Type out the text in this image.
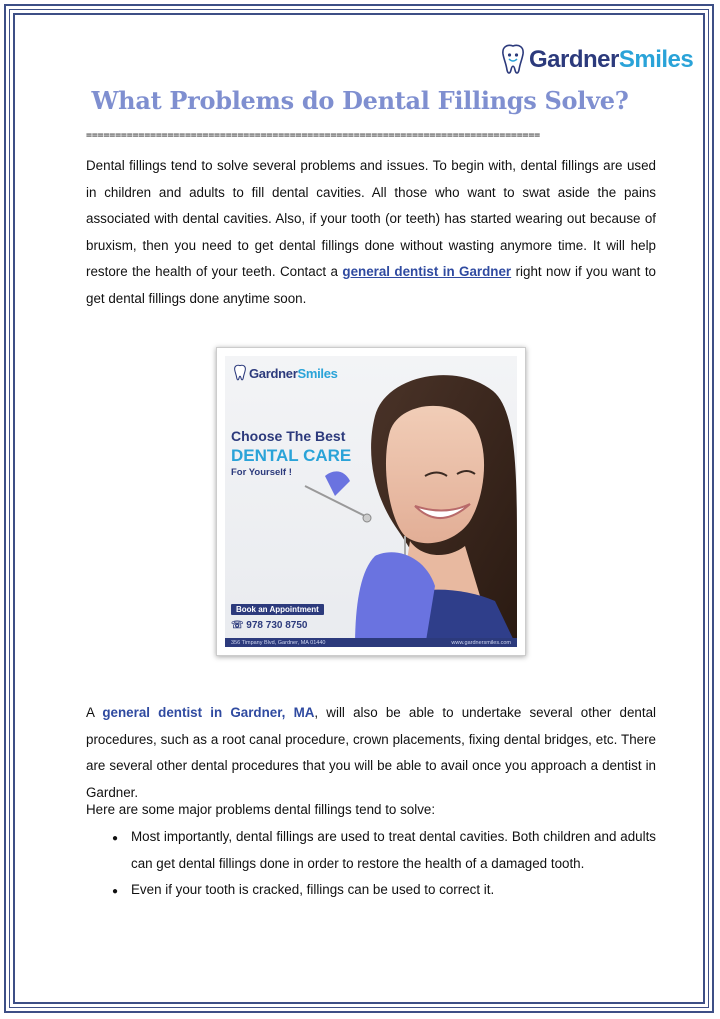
GardnerSmiles
What Problems do Dental Fillings Solve?
==============================================================================

Dental fillings tend to solve several problems and issues. To begin with, dental fillings are used in children and adults to fill dental cavities. All those who want to swat aside the pains associated with dental cavities. Also, if your tooth (or teeth) has started wearing out because of bruxism, then you need to get dental fillings done without wasting anymore time. It will help restore the health of your teeth. Contact a general dentist in Gardner right now if you want to get dental fillings done anytime soon.

GardnerSmiles
Choose The Best
DENTAL CARE
For Yourself !
Book an Appointment
☏ 978 730 8750
356 Timpany Blvd, Gardner, MA 01440	www.gardnersmiles.com

A general dentist in Gardner, MA, will also be able to undertake several other dental procedures, such as a root canal procedure, crown placements, fixing dental bridges, etc. There are several other dental procedures that you will be able to avail once you approach a dentist in Gardner.

Here are some major problems dental fillings tend to solve:

● Most importantly, dental fillings are used to treat dental cavities. Both children and adults can get dental fillings done in order to restore the health of a damaged tooth.

● Even if your tooth is cracked, fillings can be used to correct it.
